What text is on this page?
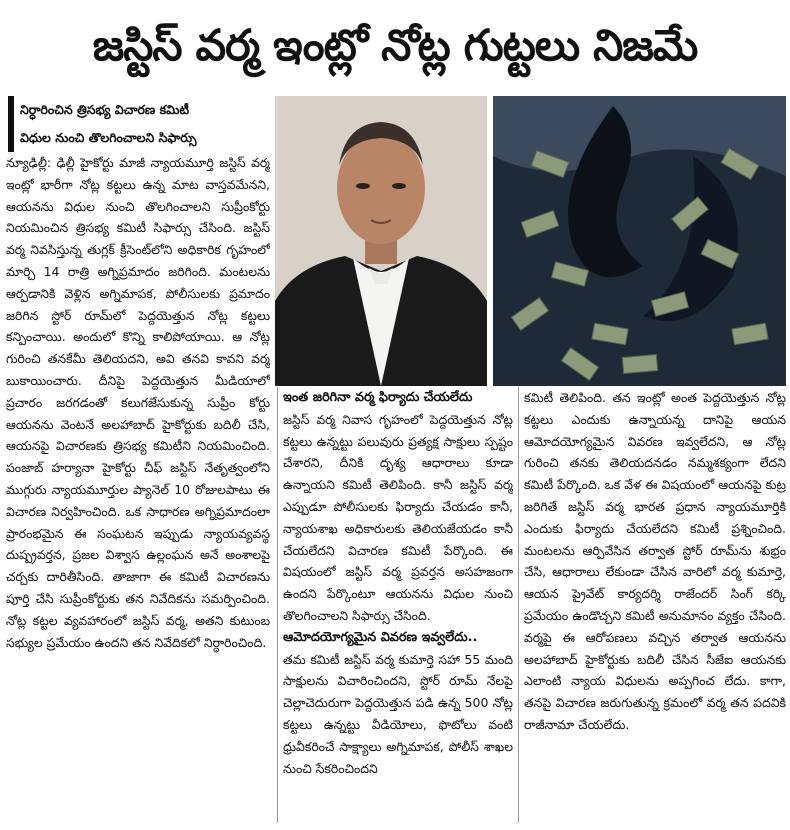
జస్టిస్ వర్మ ఇంట్లో నోట్ల గుట్టలు నిజమే
నిర్ధారించిన త్రిసభ్య విచారణ కమిటీ
విధుల నుంచి తొలగించాలని సిఫార్సు
న్యూఢిల్లీ: ఢిల్లీ హైకోర్టు మాజీ న్యాయమూర్తి జస్టిస్ వర్మ ఇంట్లో భారీగా నోట్ల కట్టలు ఉన్న మాట వాస్తవమేనని, ఆయనను విధుల నుంచి తొలగించాలని సుప్రీంకోర్టు నియమించిన త్రిసభ్య కమిటీ సిఫార్సు చేసింది. జస్టిస్ వర్మ నివసిస్తున్న తుగ్లక్ క్రీసెంట్‌లోని అధికారిక గృహంలో మార్చి 14 రాత్రి అగ్నిప్రమాదం జరిగింది. మంటలను ఆర్పడానికి వెళ్లిన అగ్నిమాపక, పోలీసులకు ప్రమాదం జరిగిన స్టోర్ రూమ్‌లో పెద్దయెత్తున నోట్ల కట్టలు కన్పించాయి. అందులో కొన్ని కాలిపోయాయి. ఆ నోట్ల గురించి తనకేమీ తెలియదని, అవి తనవి కావని వర్మ బుకాయించారు. దీనిపై పెద్దయెత్తున మీడియాలో ప్రచారం జరగడంతో కలుగజేసుకున్న సుప్రీం కోర్టు ఆయనను వెంటనే అలహాబాద్ హైకోర్టుకు బదిలీ చేసి, ఆయనపై విచారణకు త్రిసభ్య కమిటీని నియమించింది. పంజాబ్ హర్యానా హైకోర్టు చీఫ్ జస్టిస్ నేతృత్వంలోని ముగ్గురు న్యాయమూర్తుల ప్యానెల్ 10 రోజులపాటు ఈ విచారణ నిర్వహించింది. ఒక సాధారణ అగ్నిప్రమాదంలా ప్రారంభమైన ఈ సంఘటన ఇప్పుడు న్యాయవ్యవస్థ దుష్ప్రవర్తన, ప్రజల విశ్వాస ఉల్లంఘన అనే అంశాలపై చర్చకు దారితీసింది. తాజాగా ఈ కమిటీ విచారణను పూర్తి చేసి సుప్రీంకోర్టుకు తన నివేదికను సమర్పించింది. నోట్ల కట్టల వ్యవహారంలో జస్టిస్ వర్మ, అతని కుటుంబ సభ్యుల ప్రమేయం ఉందని తన నివేదికలో నిర్ధారించింది.
ఇంత జరిగినా వర్మ ఫిర్యాదు చేయలేదు
జస్టిస్ వర్మ నివాస గృహంలో పెద్దయెత్తున నోట్ల కట్టలు ఉన్నట్టు పలువురు ప్రత్యక్ష సాక్షులు స్పష్టం చేశారని, దీనికి దృశ్య ఆధారాలు కూడా ఉన్నాయని కమిటీ తెలిపింది. కానీ జస్టిస్ వర్మ ఎప్పుడూ పోలీసులకు ఫిర్యాదు చేయడం కానీ, న్యాయశాఖ అధికారులకు తెలియజేయడం కానీ చేయలేదని విచారణ కమిటీ పేర్కొంది. ఈ విషయంలో జస్టిస్ వర్మ ప్రవర్తన అసహజంగా ఉందని పేర్కొంటూ ఆయనను విధుల నుంచి తొలగించాలని సిఫార్సు చేసింది.
ఆమోదయోగ్యమైన వివరణ ఇవ్వలేదు..
తమ కమిటీ జస్టిస్ వర్మ కుమార్తె సహా 55 మంది సాక్షులను విచారించిందని, స్టోర్ రూమ్ నేలపై చెల్లాచెదురుగా పెద్దయెత్తున పడి ఉన్న 500 నోట్ల కట్టలు ఉన్నట్టు వీడియోలు, ఫొటోలు వంటి ధ్రువీకరించే సాక్ష్యాలు అగ్నిమాపక, పోలీస్ శాఖల నుంచి సేకరించిందని
కమిటీ తెలిపింది. తన ఇంట్లో అంత పెద్దయెత్తున నోట్ల కట్టలు ఎందుకు ఉన్నాయన్న దానిపై ఆయన ఆమోదయోగ్యమైన వివరణ ఇవ్వలేదని, ఆ నోట్ల గురించి తనకు తెలియదనడం నమ్మశక్యంగా లేదని కమిటీ పేర్కొంది. ఒక వేళ ఈ విషయంలో ఆయనపై కుట్ర జరిగితే జస్టిస్ వర్మ భారత ప్రధాన న్యాయమూర్తికి ఎందుకు ఫిర్యాదు చేయలేదని కమిటీ ప్రశ్నించింది. మంటలను ఆర్పివేసిన తర్వాత స్టోర్ రూమ్‌ను శుభ్రం చేసి, ఆధారాలు లేకుండా చేసిన వారిలో వర్మ కుమార్తె, ఆయన ప్రైవేట్ కార్యదర్శి రాజేందర్ సింగ్ కర్కి ప్రమేయం ఉండొచ్చని కమిటీ అనుమానం వ్యక్తం చేసింది. వర్మపై ఈ ఆరోపణలు వచ్చిన తర్వాత ఆయనను అలహాబాద్ హైకోర్టుకు బదిలీ చేసిన సీజేఐ ఆయనకు ఎలాంటి న్యాయ విధులను అప్పగించ లేదు. కాగా, తనపై విచారణ జరుగుతున్న క్రమంలో వర్మ తన పదవికి రాజీనామా చేయలేదు.
